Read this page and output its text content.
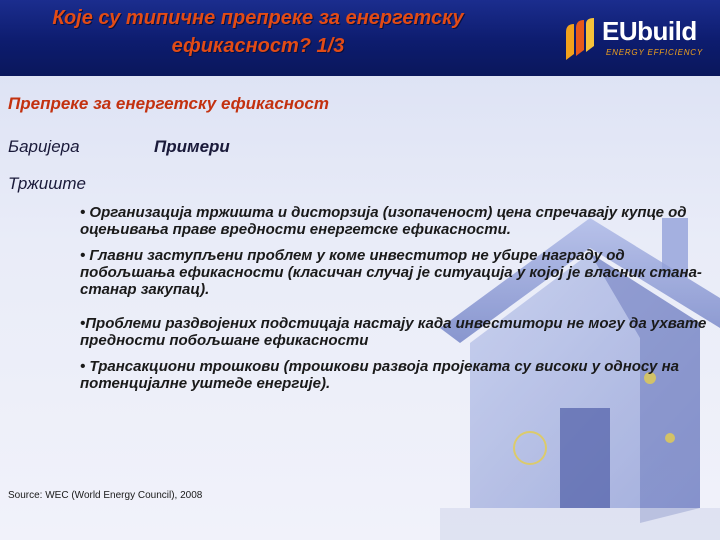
Које су типичне препреке за енергетску ефикасност? 1/3	EUbuild
ENERGY EFFICIENCY
Препреке за енергетску ефикасност
Баријера	Примери
Тржиште

• Организација тржишта и дисторзија (изопаченост) цена спречавају купце од оцењивања праве вредности енергетске ефикасности.

• Главни заступљени проблем у коме инвеститор не убире награду од побољшања ефикасности (класичан случај је ситуација у којој је власник стана-станар закупац).

•Проблеми раздвојених подстицаја настају када инвеститори не могу да ухвате предности побољшане ефикасности

• Трансакциони трошкови (трошкови развоја пројеката су високи у односу на потенцијалне уштеде енергије).

Source: WEC (World Energy Council), 2008
